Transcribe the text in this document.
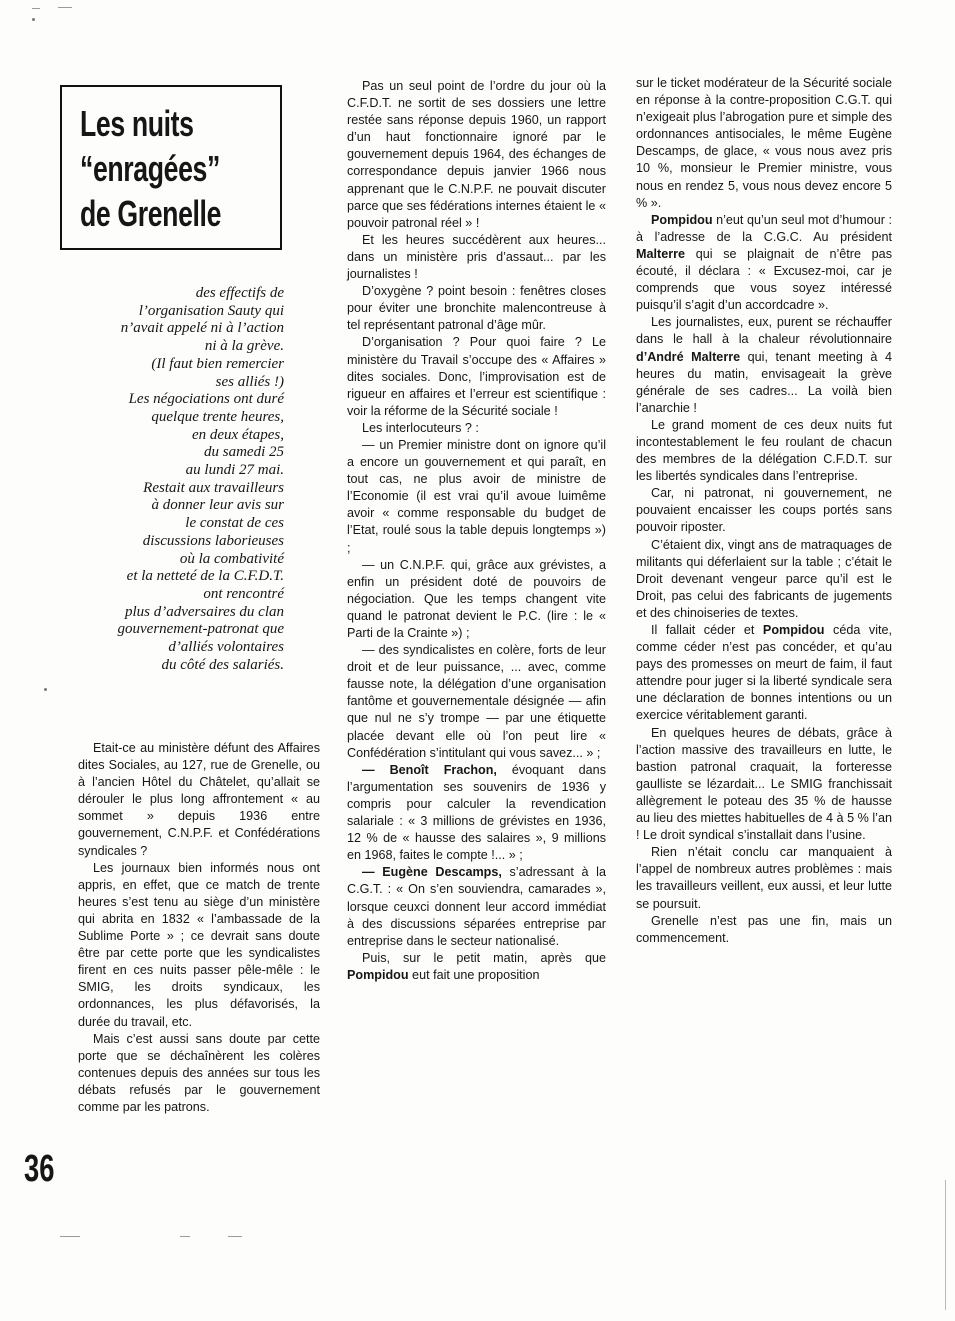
Les nuits
“enragées”
de Grenelle
des effectifs de
l’organisation Sauty qui
n’avait appelé ni à l’action
ni à la grève.
(Il faut bien remercier
ses alliés !)
Les négociations ont duré
quelque trente heures,
en deux étapes,
du samedi 25
au lundi 27 mai.
Restait aux travailleurs
à donner leur avis sur
le constat de ces
discussions laborieuses
où la combativité
et la netteté de la C.F.D.T.
ont rencontré
plus d’adversaires du clan
gouvernement-patronat que
d’alliés volontaires
du côté des salariés.

Etait-ce au ministère défunt des Affaires dites Sociales, au 127, rue de Grenelle, ou à l’ancien Hôtel du Châtelet, qu’allait se dérouler le plus long affrontement « au sommet » depuis 1936 entre gouvernement, C.N.P.F. et Confédérations syndicales ?

Les journaux bien informés nous ont appris, en effet, que ce match de trente heures s’est tenu au siège d’un ministère qui abrita en 1832 « l’ambassade de la Sublime Porte » ; ce devrait sans doute être par cette porte que les syndicalistes firent en ces nuits passer pêle-mêle : le SMIG, les droits syndicaux, les ordonnances, les plus défavorisés, la durée du travail, etc.

Mais c’est aussi sans doute par cette porte que se déchaînèrent les colères contenues depuis des années sur tous les débats refusés par le gouvernement comme par les patrons.

Pas un seul point de l’ordre du jour où la C.F.D.T. ne sortit de ses dossiers une lettre restée sans réponse depuis 1960, un rapport d’un haut fonctionnaire ignoré par le gouvernement depuis 1964, des échanges de correspondance depuis janvier 1966 nous apprenant que le C.N.P.F. ne pouvait discuter parce que ses fédérations internes étaient le « pouvoir patronal réel » !

Et les heures succédèrent aux heures... dans un ministère pris d’assaut... par les journalistes !

D’oxygène ? point besoin : fenêtres closes pour éviter une bronchite malencontreuse à tel représentant patronal d’âge mûr.

D’organisation ? Pour quoi faire ? Le ministère du Travail s’occupe des « Affaires » dites sociales. Donc, l’improvisation est de rigueur en affaires et l’erreur est scientifique : voir la réforme de la Sécurité sociale !

Les interlocuteurs ? :

— un Premier ministre dont on ignore qu’il a encore un gouvernement et qui paraît, en tout cas, ne plus avoir de ministre de l’Economie (il est vrai qu’il avoue luimême avoir « comme responsable du budget de l’Etat, roulé sous la table depuis longtemps ») ;

— un C.N.P.F. qui, grâce aux grévistes, a enfin un président doté de pouvoirs de négociation. Que les temps changent vite quand le patronat devient le P.C. (lire : le « Parti de la Crainte ») ;

— des syndicalistes en colère, forts de leur droit et de leur puissance, ... avec, comme fausse note, la délégation d’une organisation fantôme et gouvernementale désignée — afin que nul ne s’y trompe — par une étiquette placée devant elle où l’on peut lire « Confédération s’intitulant qui vous savez... » ;

— Benoît Frachon, évoquant dans l’argumentation ses souvenirs de 1936 y compris pour calculer la revendication salariale : « 3 millions de grévistes en 1936, 12 % de « hausse des salaires », 9 millions en 1968, faites le compte !... » ;

— Eugène Descamps, s’adressant à la C.G.T. : « On s’en souviendra, camarades », lorsque ceuxci donnent leur accord immédiat à des discussions séparées entreprise par entreprise dans le secteur nationalisé.

Puis, sur le petit matin, après que Pompidou eut fait une proposition

sur le ticket modérateur de la Sécurité sociale en réponse à la contre-proposition C.G.T. qui n’exigeait plus l’abrogation pure et simple des ordonnances antisociales, le même Eugène Descamps, de glace, « vous nous avez pris 10 %, monsieur le Premier ministre, vous nous en rendez 5, vous nous devez encore 5 % ».

Pompidou n’eut qu’un seul mot d’humour : à l’adresse de la C.G.C. Au président Malterre qui se plaignait de n’être pas écouté, il déclara : « Excusez-moi, car je comprends que vous soyez intéressé puisqu’il s’agit d’un accordcadre ».

Les journalistes, eux, purent se réchauffer dans le hall à la chaleur révolutionnaire d’André Malterre qui, tenant meeting à 4 heures du matin, envisageait la grève générale de ses cadres... La voilà bien l’anarchie !

Le grand moment de ces deux nuits fut incontestablement le feu roulant de chacun des membres de la délégation C.F.D.T. sur les libertés syndicales dans l’entreprise.

Car, ni patronat, ni gouvernement, ne pouvaient encaisser les coups portés sans pouvoir riposter.

C’étaient dix, vingt ans de matraquages de militants qui déferlaient sur la table ; c’était le Droit devenant vengeur parce qu’il est le Droit, pas celui des fabricants de jugements et des chinoiseries de textes.

Il fallait céder et Pompidou céda vite, comme céder n’est pas concéder, et qu’au pays des promesses on meurt de faim, il faut attendre pour juger si la liberté syndicale sera une déclaration de bonnes intentions ou un exercice véritablement garanti.

En quelques heures de débats, grâce à l’action massive des travailleurs en lutte, le bastion patronal craquait, la forteresse gaulliste se lézardait... Le SMIG franchissait allègrement le poteau des 35 % de hausse au lieu des miettes habituelles de 4 à 5 % l’an ! Le droit syndical s’installait dans l’usine.

Rien n’était conclu car manquaient à l’appel de nombreux autres problèmes : mais les travailleurs veillent, eux aussi, et leur lutte se poursuit.

Grenelle n’est pas une fin, mais un commencement.

36
